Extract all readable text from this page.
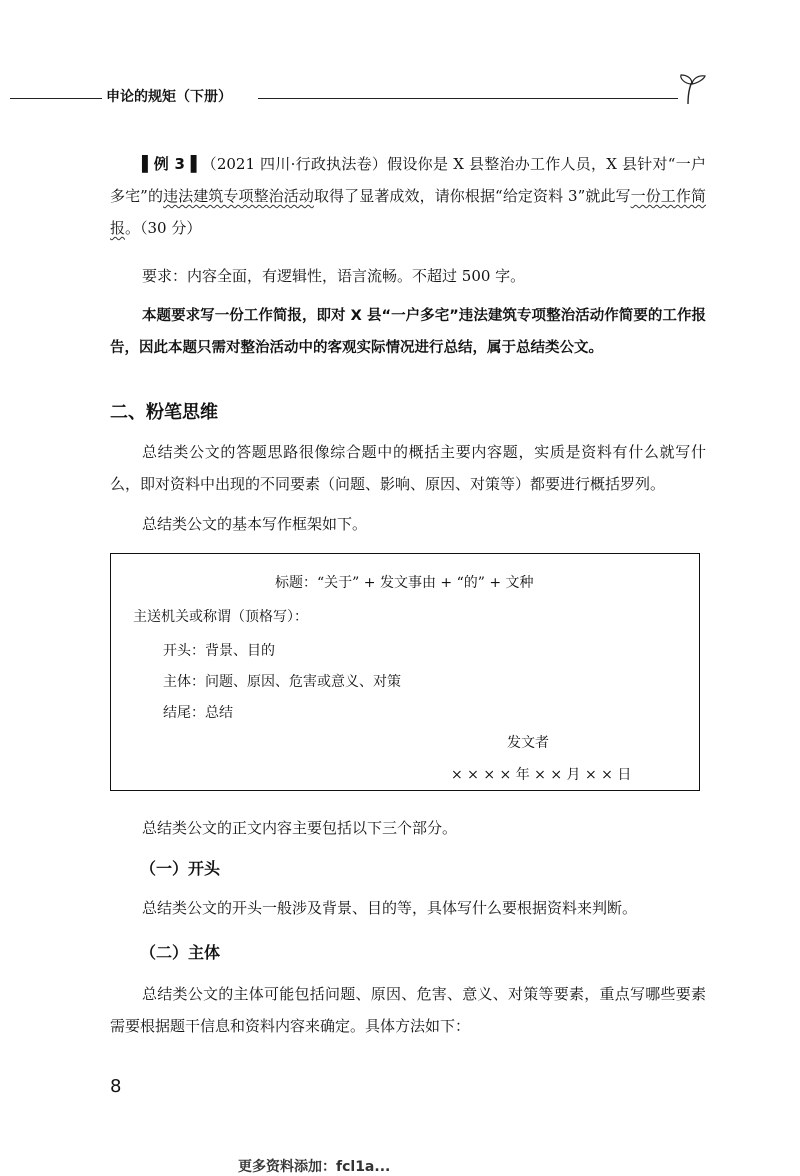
申论的规矩（下册）
▌例 3▐ （2021 四川·行政执法卷）假设你是 X 县整治办工作人员，X 县针对“一户多宅”的违法建筑专项整治活动取得了显著成效，请你根据“给定资料 3”就此写一份工作简报。（30 分）
要求：内容全面，有逻辑性，语言流畅。不超过 500 字。
本题要求写一份工作简报，即对 X 县“一户多宅”违法建筑专项整治活动作简要的工作报告，因此本题只需对整治活动中的客观实际情况进行总结，属于总结类公文。
二、粉笔思维
总结类公文的答题思路很像综合题中的概括主要内容题，实质是资料有什么就写什么，即对资料中出现的不同要素（问题、影响、原因、对策等）都要进行概括罗列。
总结类公文的基本写作框架如下。
标题：“关于” + 发文事由 + “的” + 文种
主送机关或称谓（顶格写）：
开头：背景、目的
主体：问题、原因、危害或意义、对策
结尾：总结
发文者
× × × × 年 × × 月 × × 日
总结类公文的正文内容主要包括以下三个部分。
（一）开头
总结类公文的开头一般涉及背景、目的等，具体写什么要根据资料来判断。
（二）主体
总结类公文的主体可能包括问题、原因、危害、意义、对策等要素，重点写哪些要素需要根据题干信息和资料内容来确定。具体方法如下：
8
更多资料添加：fcl1a...
